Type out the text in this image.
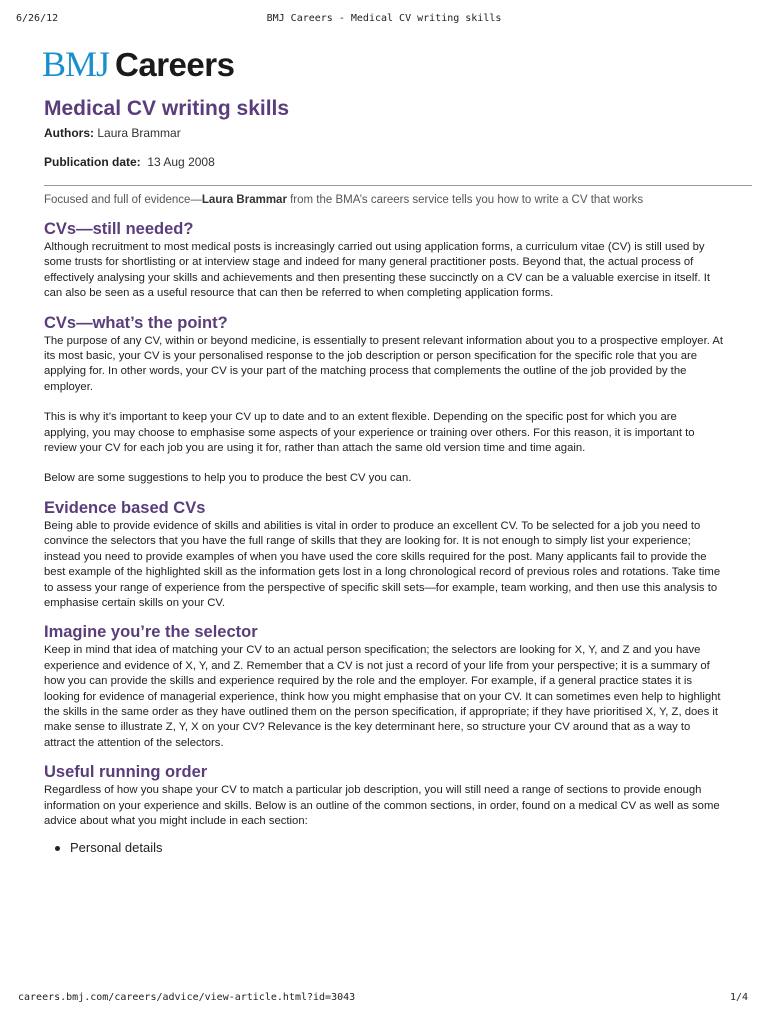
6/26/12	BMJ Careers - Medical CV writing skills
BMJ Careers
Medical CV writing skills
Authors: Laura Brammar
Publication date: 13 Aug 2008
Focused and full of evidence—Laura Brammar from the BMA’s careers service tells you how to write a CV that works
CVs—still needed?

Although recruitment to most medical posts is increasingly carried out using application forms, a curriculum vitae (CV) is still used by some trusts for shortlisting or at interview stage and indeed for many general practitioner posts. Beyond that, the actual process of effectively analysing your skills and achievements and then presenting these succinctly on a CV can be a valuable exercise in itself. It can also be seen as a useful resource that can then be referred to when completing application forms.

CVs—what’s the point?

The purpose of any CV, within or beyond medicine, is essentially to present relevant information about you to a prospective employer. At its most basic, your CV is your personalised response to the job description or person specification for the specific role that you are applying for. In other words, your CV is your part of the matching process that complements the outline of the job provided by the employer.

This is why it’s important to keep your CV up to date and to an extent flexible. Depending on the specific post for which you are applying, you may choose to emphasise some aspects of your experience or training over others. For this reason, it is important to review your CV for each job you are using it for, rather than attach the same old version time and time again.

Below are some suggestions to help you to produce the best CV you can.

Evidence based CVs

Being able to provide evidence of skills and abilities is vital in order to produce an excellent CV. To be selected for a job you need to convince the selectors that you have the full range of skills that they are looking for. It is not enough to simply list your experience; instead you need to provide examples of when you have used the core skills required for the post. Many applicants fail to provide the best example of the highlighted skill as the information gets lost in a long chronological record of previous roles and rotations. Take time to assess your range of experience from the perspective of specific skill sets—for example, team working, and then use this analysis to emphasise certain skills on your CV.

Imagine you’re the selector

Keep in mind that idea of matching your CV to an actual person specification; the selectors are looking for X, Y, and Z and you have experience and evidence of X, Y, and Z. Remember that a CV is not just a record of your life from your perspective; it is a summary of how you can provide the skills and experience required by the role and the employer. For example, if a general practice states it is looking for evidence of managerial experience, think how you might emphasise that on your CV. It can sometimes even help to highlight the skills in the same order as they have outlined them on the person specification, if appropriate; if they have prioritised X, Y, Z, does it make sense to illustrate Z, Y, X on your CV? Relevance is the key determinant here, so structure your CV around that as a way to attract the attention of the selectors.

Useful running order

Regardless of how you shape your CV to match a particular job description, you will still need a range of sections to provide enough information on your experience and skills. Below is an outline of the common sections, in order, found on a medical CV as well as some advice about what you might include in each section:

Personal details
careers.bmj.com/careers/advice/view-article.html?id=3043	1/4
